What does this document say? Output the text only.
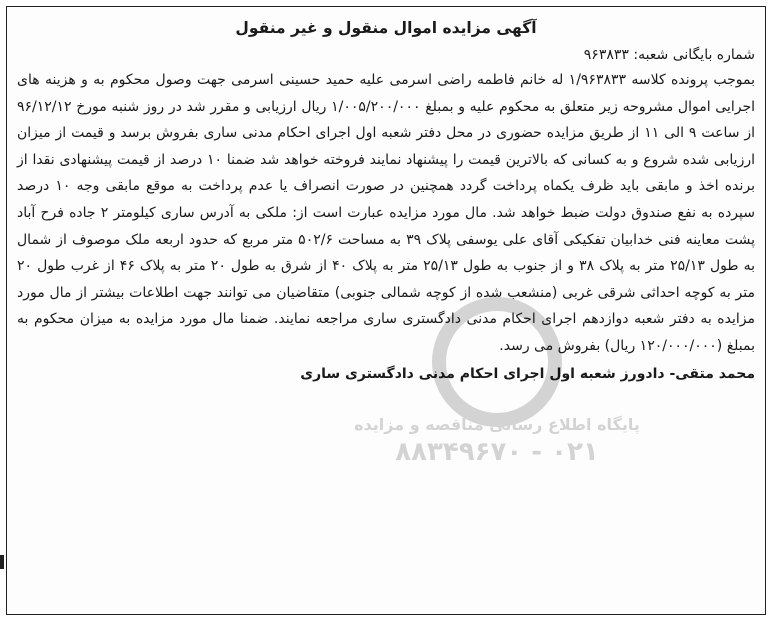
آگهی مزایده اموال منقول و غیر منقول
شماره بایگانی شعبه: ۹۶۳۸۳۳

بموجب پرونده کلاسه ۱/۹۶۳۸۳۳ له خانم فاطمه راضی اسرمی علیه حمید حسینی اسرمی جهت وصول محکوم به و هزینه های اجرایی اموال مشروحه زیر متعلق به محکوم علیه و بمبلغ ۱/۰۰۵/۲۰۰/۰۰۰ ریال ارزیابی و مقرر شد در روز شنبه مورخ ۹۶/۱۲/۱۲ از ساعت ۹ الی ۱۱ از طریق مزایده حضوری در محل دفتر شعبه اول اجرای احکام مدنی ساری بفروش برسد و قیمت از میزان ارزیابی شده شروع و به کسانی که بالاترین قیمت را پیشنهاد نمایند فروخته خواهد شد ضمنا ۱۰ درصد از قیمت پیشنهادی نقدا از برنده اخذ و مابقی باید ظرف یکماه پرداخت گردد همچنین در صورت انصراف یا عدم پرداخت به موقع مابقی وجه ۱۰ درصد سپرده به نفع صندوق دولت ضبط خواهد شد. مال مورد مزایده عبارت است از: ملکی به آدرس ساری کیلومتر ۲ جاده فرح آباد پشت معاینه فنی خدابیان تفکیکی آقای علی یوسفی پلاک ۳۹ به مساحت ۵۰۲/۶ متر مربع که حدود اربعه ملک موصوف از شمال به طول ۲۵/۱۳ متر به پلاک ۳۸ و از جنوب به طول ۲۵/۱۳ متر به پلاک ۴۰ از شرق به طول ۲۰ متر به پلاک ۴۶ از غرب طول ۲۰ متر به کوچه احداثی شرقی غربی (منشعب شده از کوچه شمالی جنوبی) متقاضیان می توانند جهت اطلاعات بیشتر از مال مورد مزایده به دفتر شعبه دوازدهم اجرای احکام مدنی دادگستری ساری مراجعه نمایند. ضمنا مال مورد مزایده به میزان محکوم به بمبلغ (۱۲۰/۰۰۰/۰۰۰ ریال) بفروش می رسد.

محمد متقی- دادورز شعبه اول اجرای احکام مدنی دادگستری ساری
پایگاه اطلاع رسانی مناقصه و مزایده
۰۲۱ - ۸۸۳۴۹۶۷۰
